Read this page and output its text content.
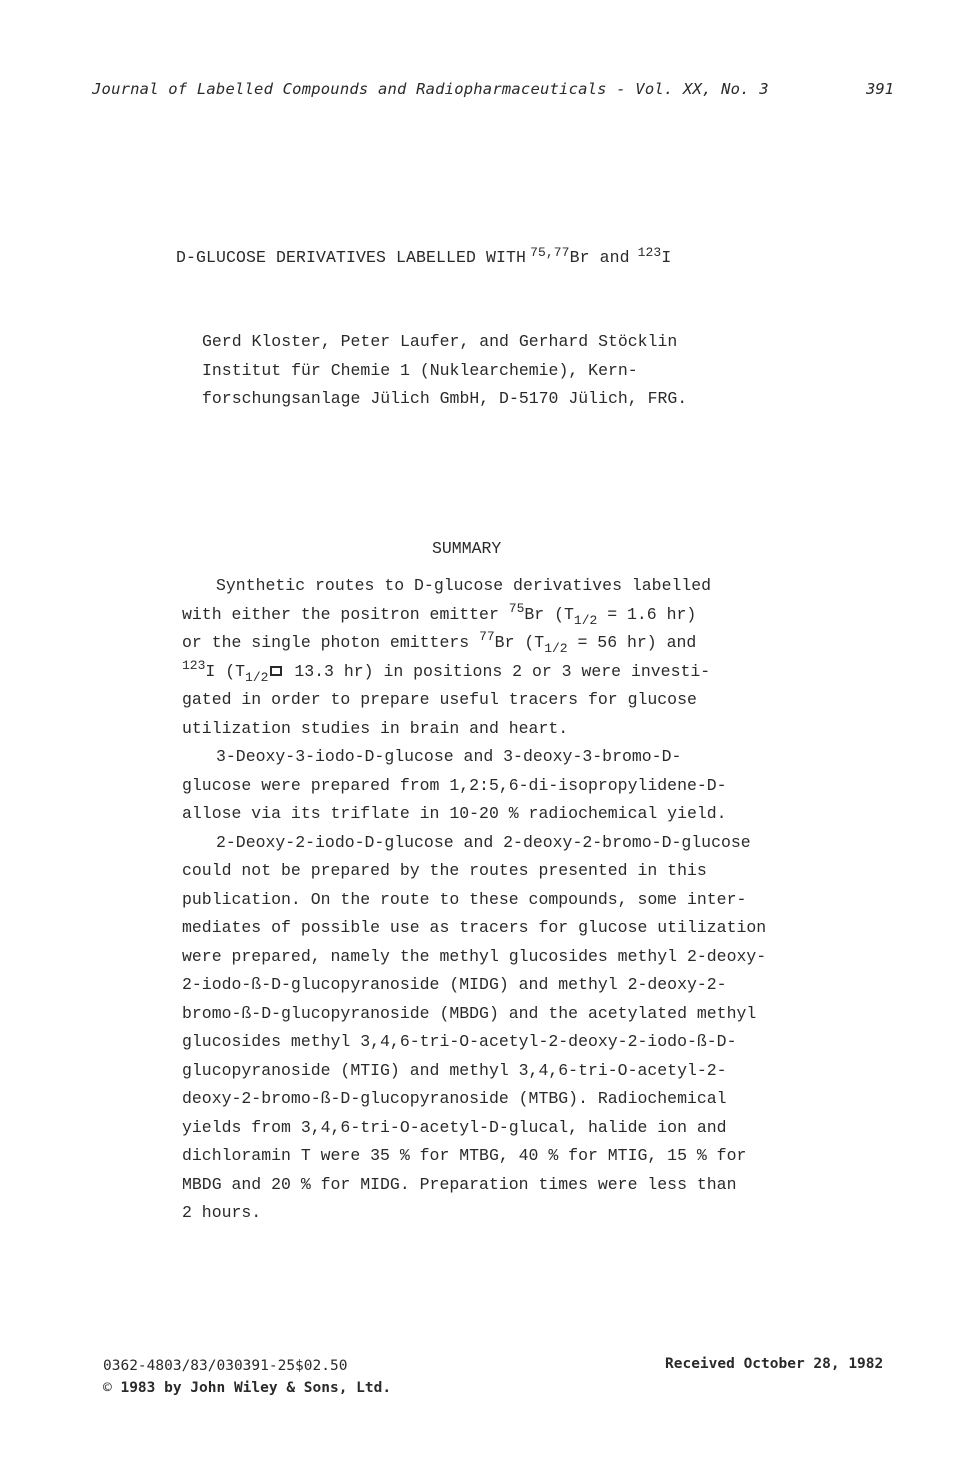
Journal of Labelled Compounds and Radiopharmaceuticals - Vol. XX, No. 3	391
D-GLUCOSE DERIVATIVES LABELLED WITH $^{75,77}$Br and $^{123}$I
Gerd Kloster, Peter Laufer, and Gerhard Stöcklin
Institut für Chemie 1 (Nuklearchemie), Kern-
forschungsanlage Jülich GmbH, D-5170 Jülich, FRG.
SUMMARY
Synthetic routes to D-glucose derivatives labelled
with either the positron emitter $^{75}$Br ($T_{1/2} = 1.6$ hr)
or the single photon emitters $^{77}$Br ($T_{1/2} = 56$ hr) and
$^{123}$I ($T_{1/2}$ 13.3 hr) in positions 2 or 3 were investi-
gated in order to prepare useful tracers for glucose
utilization studies in brain and heart.
3-Deoxy-3-iodo-D-glucose and 3-deoxy-3-bromo-D-
glucose were prepared from 1,2:5,6-di-isopropylidene-D-
allose via its triflate in 10-20 % radiochemical yield.
2-Deoxy-2-iodo-D-glucose and 2-deoxy-2-bromo-D-glucose
could not be prepared by the routes presented in this
publication. On the route to these compounds, some inter-
mediates of possible use as tracers for glucose utilization
were prepared, namely the methyl glucosides methyl 2-deoxy-
2-iodo-ß-D-glucopyranoside (MIDG) and methyl 2-deoxy-2-
bromo-ß-D-glucopyranoside (MBDG) and the acetylated methyl
glucosides methyl 3,4,6-tri-O-acetyl-2-deoxy-2-iodo-ß-D-
glucopyranoside (MTIG) and methyl 3,4,6-tri-O-acetyl-2-
deoxy-2-bromo-ß-D-glucopyranoside (MTBG). Radiochemical
yields from 3,4,6-tri-O-acetyl-D-glucal, halide ion and
dichloramin T were 35 % for MTBG, 40 % for MTIG, 15 % for
MBDG and 20 % for MIDG. Preparation times were less than
2 hours.
0362-4803/83/030391-25$02.50
© 1983 by John Wiley & Sons, Ltd.
Received October 28, 1982
